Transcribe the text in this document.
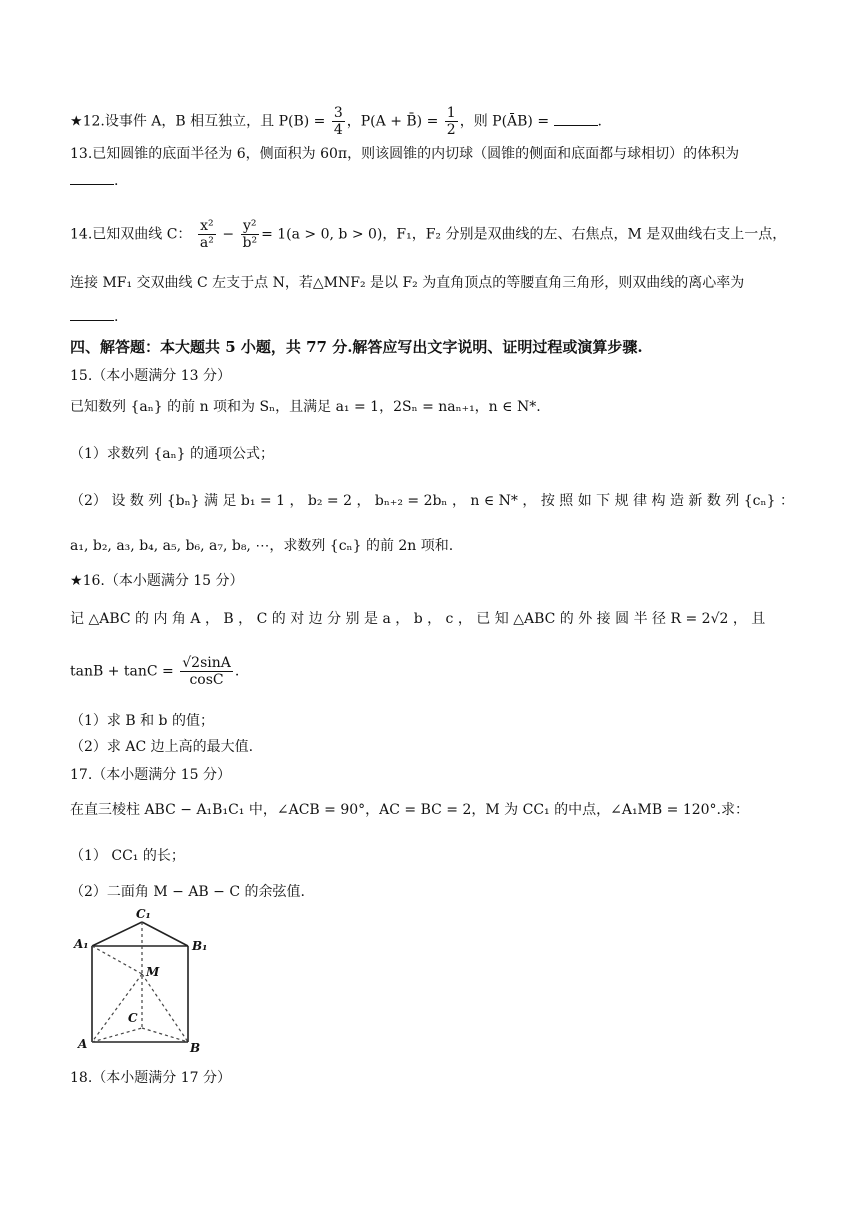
★12.设事件 A，B 相互独立，且 $P(B) = \frac{3}{4}$ ，P(A + B̄) = $\frac{1}{2}$ ，则 P(ĀB) =	.
13.已知圆锥的底面半径为 6，侧面积为 60π，则该圆锥的内切球（圆锥的侧面和底面都与球相切）的体积为
.
14.已知双曲线 C： $\frac{\text{x²}}{\text{a²}} - \frac{\text{y²}}{\text{b²}} = 1(a > 0$, b > 0)，F₁，F₂ 分别是双曲线的左、右焦点，M 是双曲线右支上一点，
连接 MF₁ 交双曲线 C 左支于点 N，若△MNF₂ 是以 F₂ 为直角顶点的等腰直角三角形，则双曲线的离心率为
.
四、解答题：本大题共 5 小题，共 77 分.解答应写出文字说明、证明过程或演算步骤.
15.（本小题满分 13 分）
已知数列 {aₙ} 的前 n 项和为 Sₙ，且满足 a₁ = 1，2Sₙ = naₙ₊₁，n ∈ N*.
（1）求数列 {aₙ} 的通项公式；
（2） 设 数 列 {bₙ} 满 足 b₁ = 1 ， b₂ = 2 ， bₙ₊₂ = 2bₙ ， n ∈ N* ， 按 照 如 下 规 律 构 造 新 数 列 {cₙ} ：
a₁, b₂, a₃, b₄, a₅, b₆, a₇, b₈, ⋯，求数列 {cₙ} 的前 2n 项和.
★16.（本小题满分 15 分）
记 △ABC 的 内 角 A ， B ， C 的 对 边 分 别 是 a ， b ， c ， 已 知 △ABC 的 外 接 圆 半 径 R = 2√2 ， 且
$\tan B + \tan C = \frac{√2\sin A}{\cos C}$ .
（1）求 B 和 b 的值；
（2）求 AC 边上高的最大值.
17.（本小题满分 15 分）
在直三棱柱 ABC − A₁B₁C₁ 中，∠ACB = 90°，AC = BC = 2，M 为 CC₁ 的中点，∠A₁MB = 120°.求：
（1） CC₁ 的长；
（2）二面角 M − AB − C 的余弦值.
A₁
C₁
B₁
M
C
A	B
18.（本小题满分 17 分）
